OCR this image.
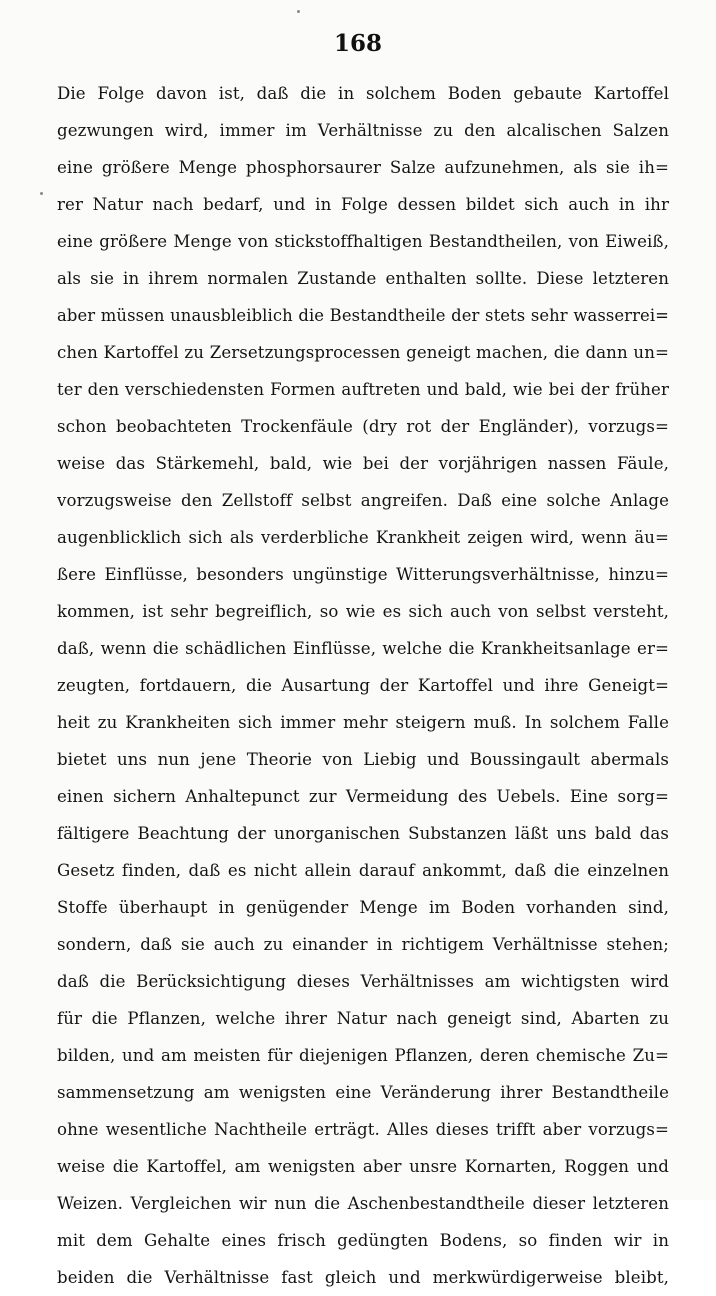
168
Die Folge davon ist, daß die in solchem Boden gebaute Kartoffel
gezwungen wird, immer im Verhältnisse zu den alcalischen Salzen
eine größere Menge phosphorsaurer Salze aufzunehmen, als sie ih=
rer Natur nach bedarf, und in Folge dessen bildet sich auch in ihr
eine größere Menge von stickstoffhaltigen Bestandtheilen, von Eiweiß,
als sie in ihrem normalen Zustande enthalten sollte. Diese letzteren
aber müssen unausbleiblich die Bestandtheile der stets sehr wasserrei=
chen Kartoffel zu Zersetzungsprocessen geneigt machen, die dann un=
ter den verschiedensten Formen auftreten und bald, wie bei der früher
schon beobachteten Trockenfäule (dry rot der Engländer), vorzugs=
weise das Stärkemehl, bald, wie bei der vorjährigen nassen Fäule,
vorzugsweise den Zellstoff selbst angreifen. Daß eine solche Anlage
augenblicklich sich als verderbliche Krankheit zeigen wird, wenn äu=
ßere Einflüsse, besonders ungünstige Witterungsverhältnisse, hinzu=
kommen, ist sehr begreiflich, so wie es sich auch von selbst versteht,
daß, wenn die schädlichen Einflüsse, welche die Krankheitsanlage er=
zeugten, fortdauern, die Ausartung der Kartoffel und ihre Geneigt=
heit zu Krankheiten sich immer mehr steigern muß. In solchem Falle
bietet uns nun jene Theorie von Liebig und Boussingault abermals
einen sichern Anhaltepunct zur Vermeidung des Uebels. Eine sorg=
fältigere Beachtung der unorganischen Substanzen läßt uns bald das
Gesetz finden, daß es nicht allein darauf ankommt, daß die einzelnen
Stoffe überhaupt in genügender Menge im Boden vorhanden sind,
sondern, daß sie auch zu einander in richtigem Verhältnisse stehen;
daß die Berücksichtigung dieses Verhältnisses am wichtigsten wird
für die Pflanzen, welche ihrer Natur nach geneigt sind, Abarten zu
bilden, und am meisten für diejenigen Pflanzen, deren chemische Zu=
sammensetzung am wenigsten eine Veränderung ihrer Bestandtheile
ohne wesentliche Nachtheile erträgt. Alles dieses trifft aber vorzugs=
weise die Kartoffel, am wenigsten aber unsre Kornarten, Roggen und
Weizen. Vergleichen wir nun die Aschenbestandtheile dieser letzteren
mit dem Gehalte eines frisch gedüngten Bodens, so finden wir in
beiden die Verhältnisse fast gleich und merkwürdigerweise bleibt,
